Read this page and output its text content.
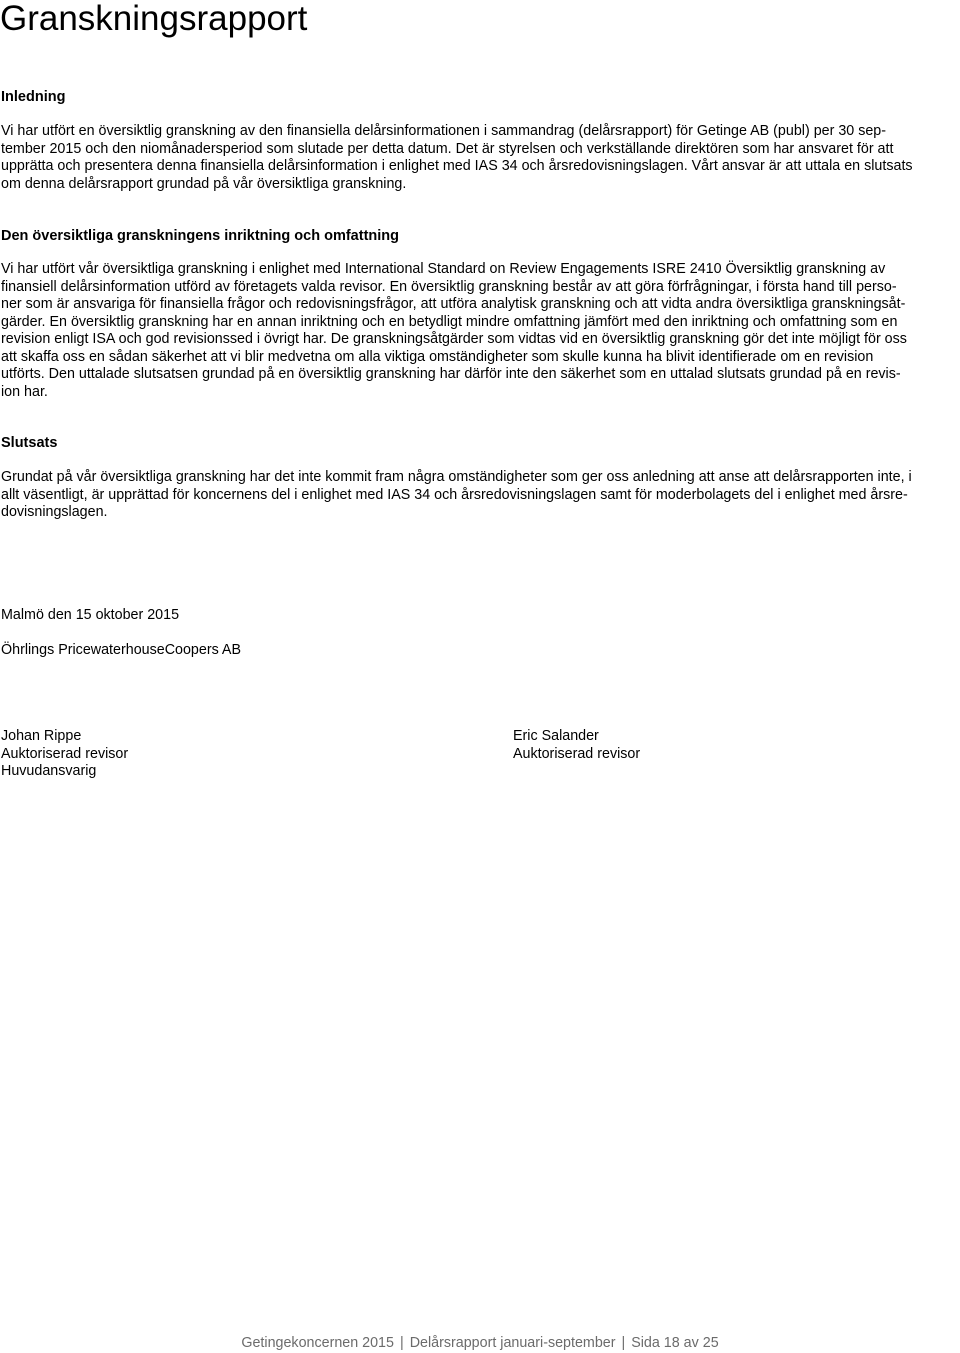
Granskningsrapport
Inledning

Vi har utfört en översiktlig granskning av den finansiella delårsinformationen i sammandrag (delårsrapport) för Getinge AB (publ) per 30 sep-
tember 2015 och den niomånadersperiod som slutade per detta datum. Det är styrelsen och verkställande direktören som har ansvaret för att
upprätta och presentera denna finansiella delårsinformation i enlighet med IAS 34 och årsredovisningslagen. Vårt ansvar är att uttala en slutsats
om denna delårsrapport grundad på vår översiktliga granskning.

Den översiktliga granskningens inriktning och omfattning

Vi har utfört vår översiktliga granskning i enlighet med International Standard on Review Engagements ISRE 2410 Översiktlig granskning av
finansiell delårsinformation utförd av företagets valda revisor. En översiktlig granskning består av att göra förfrågningar, i första hand till perso-
ner som är ansvariga för finansiella frågor och redovisningsfrågor, att utföra analytisk granskning och att vidta andra översiktliga granskningsåt-
gärder. En översiktlig granskning har en annan inriktning och en betydligt mindre omfattning jämfört med den inriktning och omfattning som en
revision enligt ISA och god revisionssed i övrigt har. De granskningsåtgärder som vidtas vid en översiktlig granskning gör det inte möjligt för oss
att skaffa oss en sådan säkerhet att vi blir medvetna om alla viktiga omständigheter som skulle kunna ha blivit identifierade om en revision
utförts. Den uttalade slutsatsen grundad på en översiktlig granskning har därför inte den säkerhet som en uttalad slutsats grundad på en revis-
ion har.

Slutsats

Grundat på vår översiktliga granskning har det inte kommit fram några omständigheter som ger oss anledning att anse att delårsrapporten inte, i
allt väsentligt, är upprättad för koncernens del i enlighet med IAS 34 och årsredovisningslagen samt för moderbolagets del i enlighet med årsre-
dovisningslagen.

Malmö den 15 oktober 2015

Öhrlings PricewaterhouseCoopers AB

Johan Rippe
Auktoriserad revisor
Huvudansvarig
Eric Salander
Auktoriserad revisor
Getingekoncernen 2015 | Delårsrapport januari-september | Sida 18 av 25
